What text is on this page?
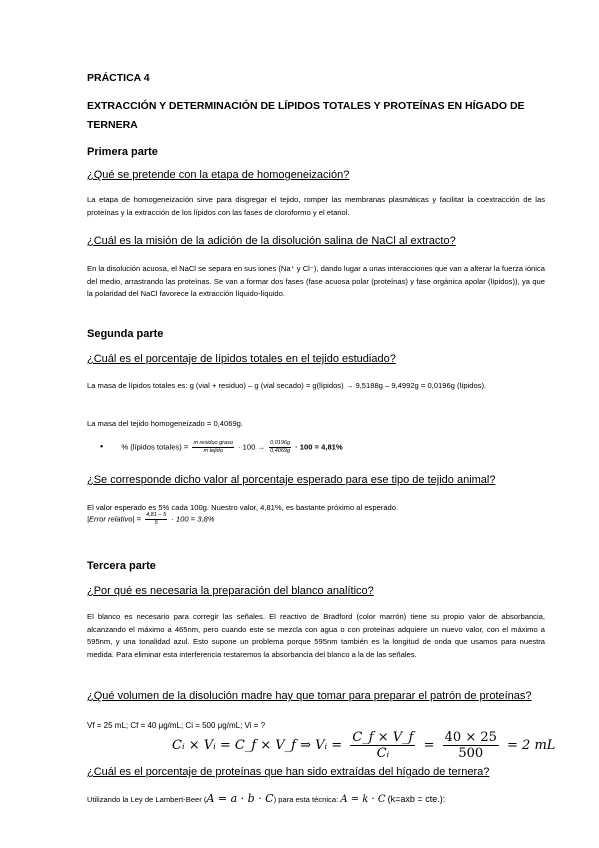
PRÁCTICA 4
EXTRACCIÓN Y DETERMINACIÓN DE LÍPIDOS TOTALES Y PROTEÍNAS EN HÍGADO DE TERNERA
Primera parte
¿Qué se pretende con la etapa de homogeneización?
La etapa de homogeneización sirve para disgregar el tejido, romper las membranas plasmáticas y facilitar la coextracción de las proteínas y la extracción de los lípidos con las fases de cloroformo y el etanol.
¿Cuál es la misión de la adición de la disolución salina de NaCl al extracto?
En la disolución acuosa, el NaCl se separa en sus iones (Na⁺ y Cl⁻), dando lugar a unas interacciones que van a alterar la fuerza iónica del medio, arrastrando las proteínas. Se van a formar dos fases (fase acuosa polar (proteínas) y fase orgánica apolar (lípidos)), ya que la polaridad del NaCl favorece la extracción líquido-líquido.
Segunda parte
¿Cuál es el porcentaje de lípidos totales en el tejido estudiado?
La masa de lípidos totales es: g (vial + residuo) – g (vial secado) = g(lípidos) → 9,5188g – 9,4992g = 0,0196g (lípidos).
La masa del tejido homogeneizado = 0,4069g.
• % (lípidos totales) = $\frac{\text{m residuo graso}}{\text{m tejido}} \cdot 100 \to \frac{0,0196g}{0,4069g} \cdot 100 = 4,81\%$
¿Se corresponde dicho valor al porcentaje esperado para ese tipo de tejido animal?
El valor esperado es 5% cada 100g. Nuestro valor, 4,81%, es bastante próximo al esperado.
|Error relativo| = $\frac{4,81 - 5}{5} \cdot 100 = 3,8\%$
Tercera parte
¿Por qué es necesaria la preparación del blanco analítico?
El blanco es necesario para corregir las señales. El reactivo de Bradford (color marrón) tiene su propio valor de absorbancia, alcanzando el máximo a 465nm, pero cuando este se mezcla con agua o con proteínas adquiere un nuevo valor, con el máximo a 595nm, y una tonalidad azul. Esto supone un problema porque 595nm también es la longitud de onda que usamos para nuestra medida. Para eliminar esta interferencia restaremos la absorbancia del blanco a la de las señales.
¿Qué volumen de la disolución madre hay que tomar para preparar el patrón de proteínas?
Vf = 25 mL; Cf = 40 μg/mL; Ci = 500 μg/mL; Vi = ?
Cᵢ × Vᵢ = C_f × V_f ⇒ Vᵢ = $\frac{C\_f \times V\_f}{\text{Cᵢ}} = \frac{40 \times 25}{500} = 2$ mL
¿Cuál es el porcentaje de proteínas que han sido extraídas del hígado de ternera?
Utilizando la Ley de Lambert-Beer (A = a · b · C) para esta técnica: A = k · C (k=axb = cte.):
